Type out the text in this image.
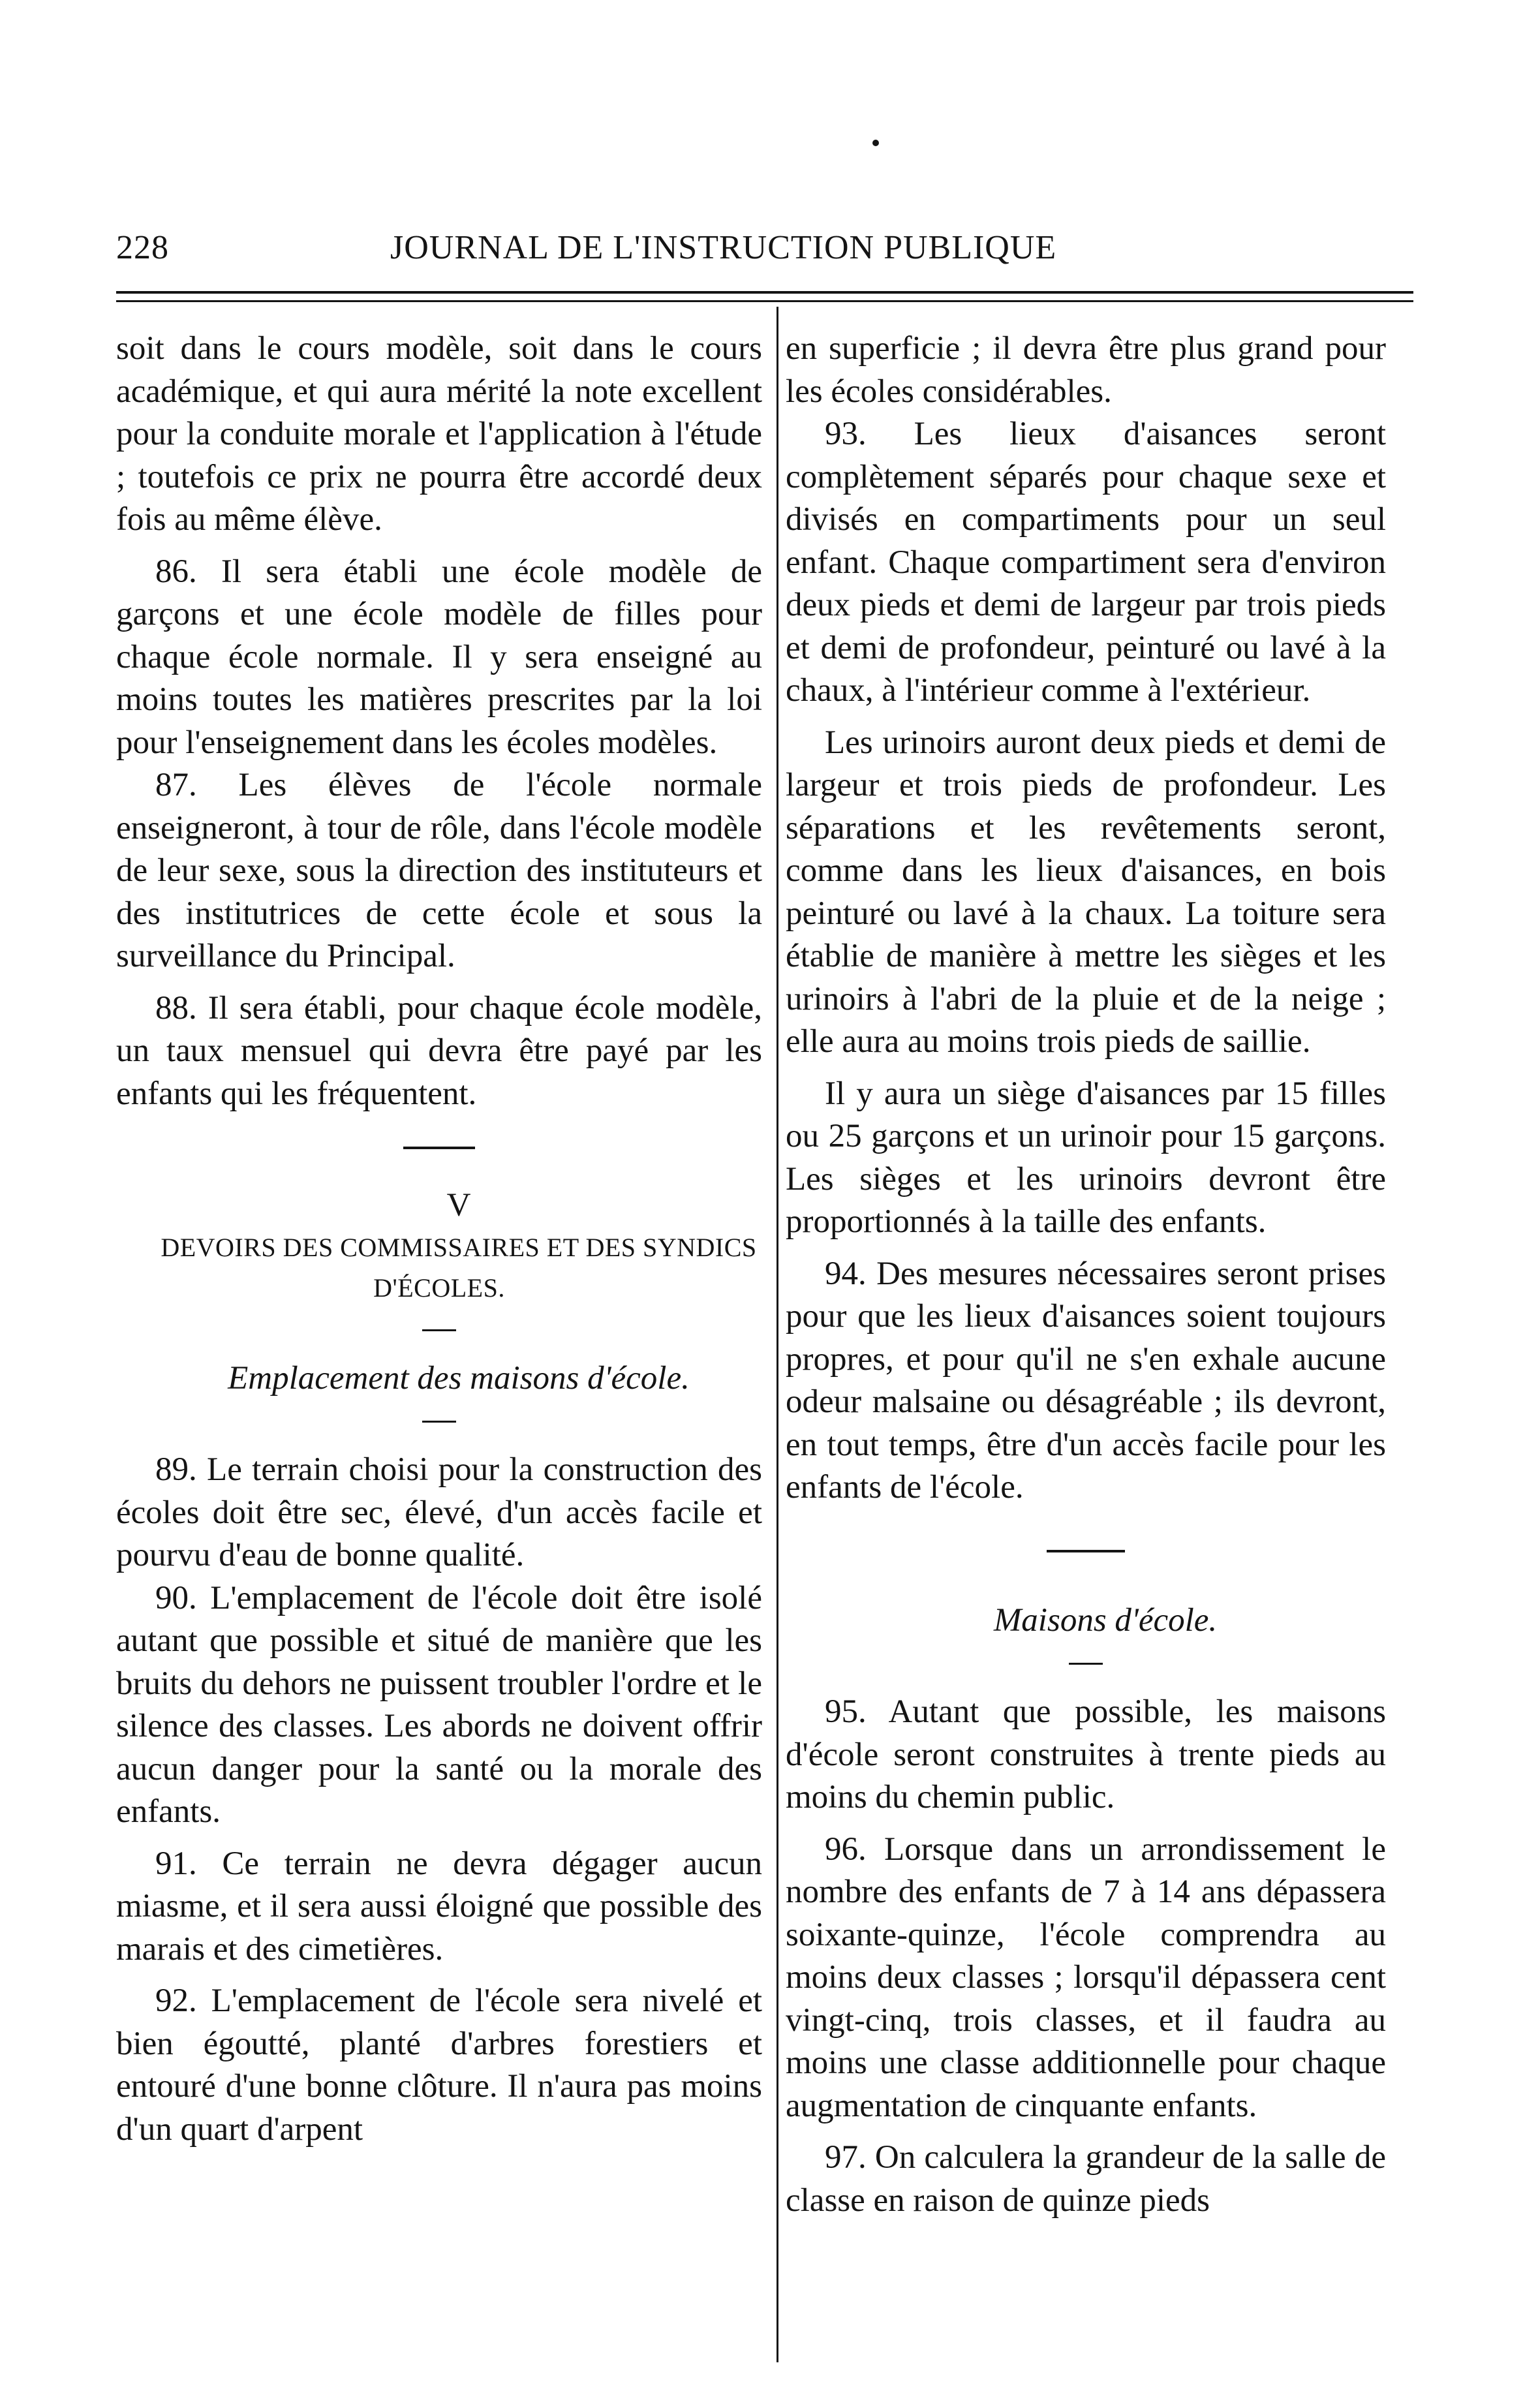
228	JOURNAL DE L'INSTRUCTION PUBLIQUE

soit dans le cours modèle, soit dans le cours académique, et qui aura mérité la note excellent pour la conduite morale et l'application à l'étude ; toutefois ce prix ne pourra être accordé deux fois au même élève.

86. Il sera établi une école modèle de garçons et une école modèle de filles pour chaque école normale. Il y sera enseigné au moins toutes les matières prescrites par la loi pour l'enseignement dans les écoles modèles.

87. Les élèves de l'école normale enseigneront, à tour de rôle, dans l'école modèle de leur sexe, sous la direction des instituteurs et des institutrices de cette école et sous la surveillance du Principal.

88. Il sera établi, pour chaque école modèle, un taux mensuel qui devra être payé par les enfants qui les fréquentent.

V

DEVOIRS DES COMMISSAIRES ET DES SYNDICS D'ÉCOLES.

Emplacement des maisons d'école.

89. Le terrain choisi pour la construction des écoles doit être sec, élevé, d'un accès facile et pourvu d'eau de bonne qualité.

90. L'emplacement de l'école doit être isolé autant que possible et situé de manière que les bruits du dehors ne puissent troubler l'ordre et le silence des classes. Les abords ne doivent offrir aucun danger pour la santé ou la morale des enfants.

91. Ce terrain ne devra dégager aucun miasme, et il sera aussi éloigné que possible des marais et des cimetières.

92. L'emplacement de l'école sera nivelé et bien égoutté, planté d'arbres forestiers et entouré d'une bonne clôture. Il n'aura pas moins d'un quart d'arpent

en superficie ; il devra être plus grand pour les écoles considérables.

93. Les lieux d'aisances seront complètement séparés pour chaque sexe et divisés en compartiments pour un seul enfant. Chaque compartiment sera d'environ deux pieds et demi de largeur par trois pieds et demi de profondeur, peinturé ou lavé à la chaux, à l'intérieur comme à l'extérieur.

Les urinoirs auront deux pieds et demi de largeur et trois pieds de profondeur. Les séparations et les revêtements seront, comme dans les lieux d'aisances, en bois peinturé ou lavé à la chaux. La toiture sera établie de manière à mettre les sièges et les urinoirs à l'abri de la pluie et de la neige ; elle aura au moins trois pieds de saillie.

Il y aura un siège d'aisances par 15 filles ou 25 garçons et un urinoir pour 15 garçons. Les sièges et les urinoirs devront être proportionnés à la taille des enfants.

94. Des mesures nécessaires seront prises pour que les lieux d'aisances soient toujours propres, et pour qu'il ne s'en exhale aucune odeur malsaine ou désagréable ; ils devront, en tout temps, être d'un accès facile pour les enfants de l'école.

Maisons d'école.

95. Autant que possible, les maisons d'école seront construites à trente pieds au moins du chemin public.

96. Lorsque dans un arrondissement le nombre des enfants de 7 à 14 ans dépassera soixante-quinze, l'école comprendra au moins deux classes ; lorsqu'il dépassera cent vingt-cinq, trois classes, et il faudra au moins une classe additionnelle pour chaque augmentation de cinquante enfants.

97. On calculera la grandeur de la salle de classe en raison de quinze pieds
